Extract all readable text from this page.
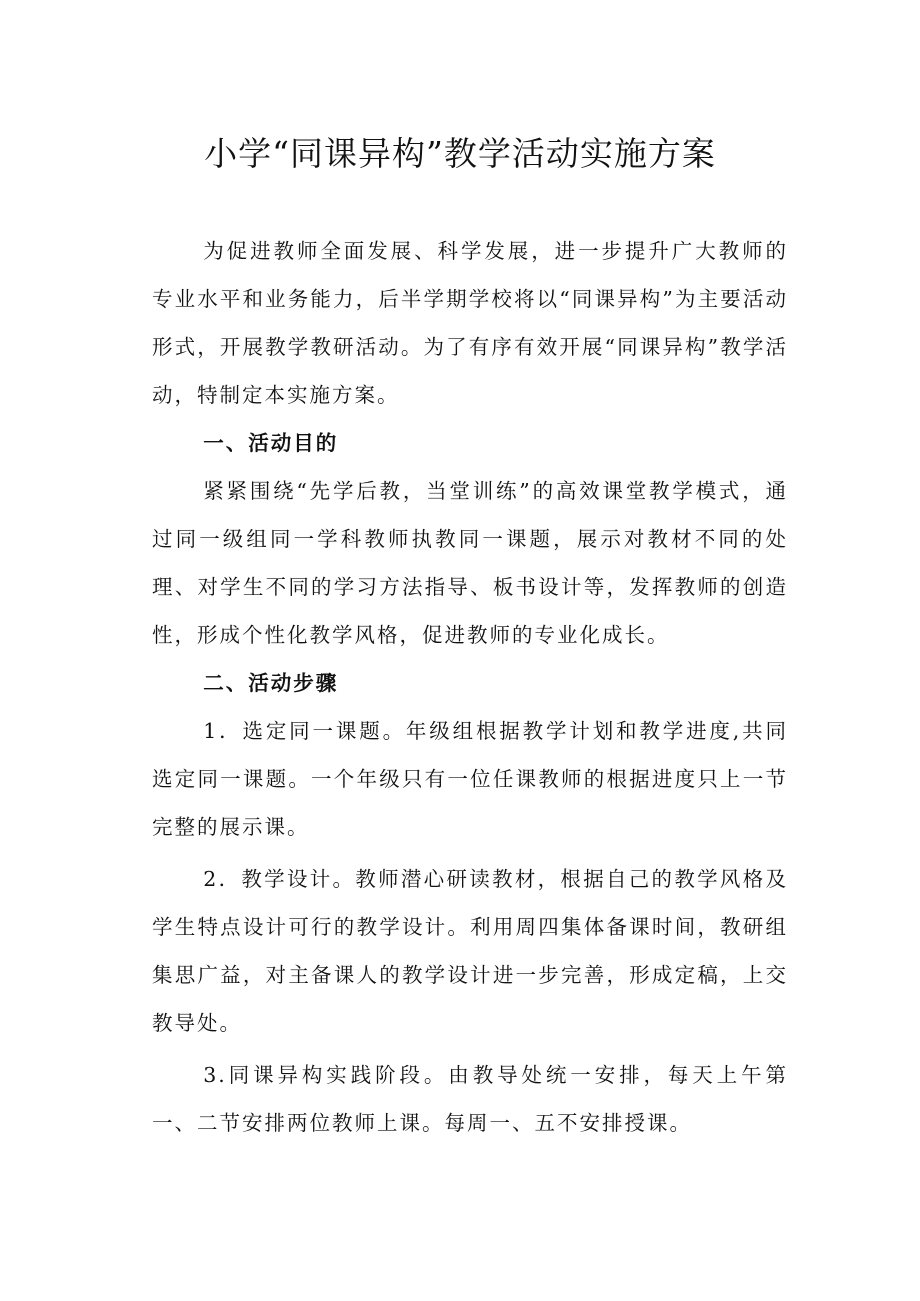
小学“同课异构”教学活动实施方案

为促进教师全面发展、科学发展，进一步提升广大教师的专业水平和业务能力，后半学期学校将以“同课异构”为主要活动形式，开展教学教研活动。为了有序有效开展“同课异构”教学活动，特制定本实施方案。

一、活动目的

紧紧围绕“先学后教，当堂训练”的高效课堂教学模式，通过同一级组同一学科教师执教同一课题，展示对教材不同的处理、对学生不同的学习方法指导、板书设计等，发挥教师的创造性，形成个性化教学风格，促进教师的专业化成长。

二、活动步骤

1．选定同一课题。年级组根据教学计划和教学进度,共同选定同一课题。一个年级只有一位任课教师的根据进度只上一节完整的展示课。

2．教学设计。教师潜心研读教材，根据自己的教学风格及学生特点设计可行的教学设计。利用周四集体备课时间，教研组集思广益，对主备课人的教学设计进一步完善，形成定稿，上交教导处。

3.同课异构实践阶段。由教导处统一安排，每天上午第一、二节安排两位教师上课。每周一、五不安排授课。
